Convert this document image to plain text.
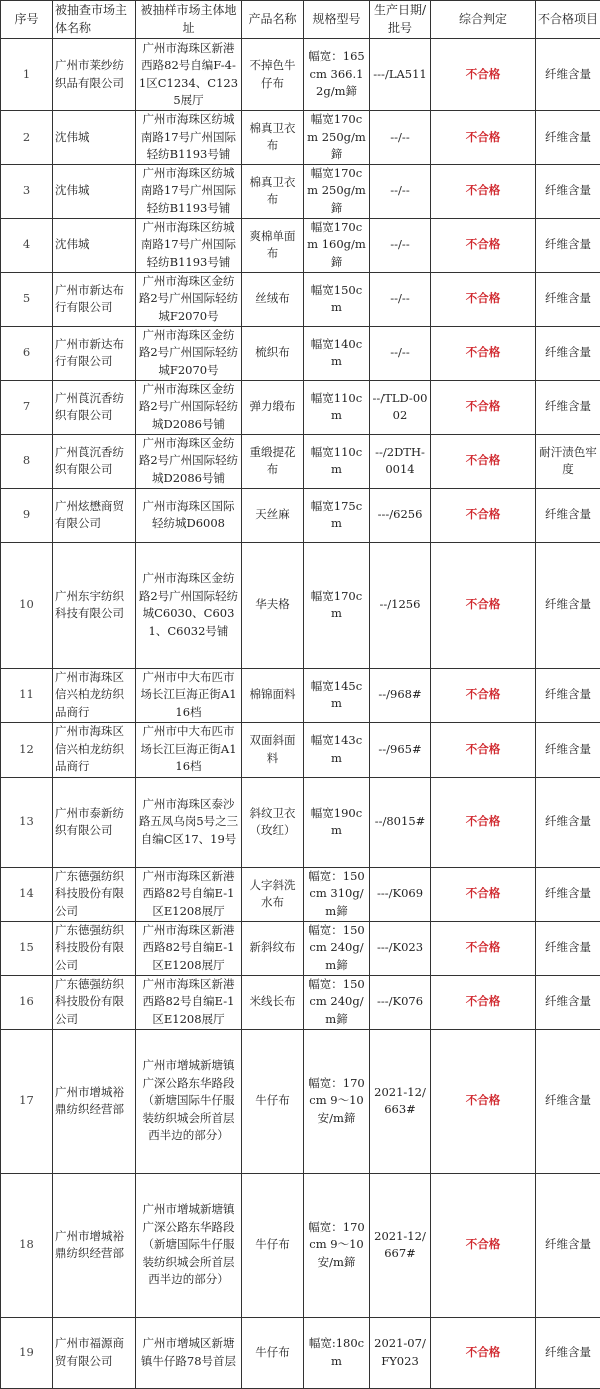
序号	被抽查市场主体名称	被抽样市场主体地址	产品名称	规格型号	生产日期/批号	综合判定	不合格项目
1	广州市莱纱纺织品有限公司	广州市海珠区新港西路82号自编F-4-1区C1234、C1235展厅	不掉色牛仔布	幅宽：165cm 366.12g/m鍗	---/LA511	不合格	纤维含量
2	沈伟城	广州市海珠区纺城南路17号广州国际轻纺B1193号铺	棉真卫衣布	幅宽170cm 250g/m鍗	--/--	不合格	纤维含量
3	沈伟城	广州市海珠区纺城南路17号广州国际轻纺B1193号铺	棉真卫衣布	幅宽170cm 250g/m鍗	--/--	不合格	纤维含量
4	沈伟城	广州市海珠区纺城南路17号广州国际轻纺B1193号铺	爽棉单面布	幅宽170cm 160g/m鍗	--/--	不合格	纤维含量
5	广州市新达布行有限公司	广州市海珠区金纺路2号广州国际轻纺城F2070号	丝绒布	幅宽150cm	--/--	不合格	纤维含量
6	广州市新达布行有限公司	广州市海珠区金纺路2号广州国际轻纺城F2070号	梳织布	幅宽140cm	--/--	不合格	纤维含量
7	广州莨沉香纺织有限公司	广州市海珠区金纺路2号广州国际轻纺城D2086号铺	弹力缎布	幅宽110cm	--/TLD-0002	不合格	纤维含量
8	广州莨沉香纺织有限公司	广州市海珠区金纺路2号广州国际轻纺城D2086号铺	重缎提花布	幅宽110cm	--/2DTH-0014	不合格	耐汗渍色牢度
9	广州炫懋商贸有限公司	广州市海珠区国际轻纺城D6008	天丝麻	幅宽175cm	---/6256	不合格	纤维含量
10	广州东宇纺织科技有限公司	广州市海珠区金纺路2号广州国际轻纺城C6030、C6031、C6032号铺	华夫格	幅宽170cm	--/1256	不合格	纤维含量
11	广州市海珠区信兴柏龙纺织品商行	广州市中大布匹市场长江巨海正街A116档	棉锦面料	幅宽145cm	--/968#	不合格	纤维含量
12	广州市海珠区信兴柏龙纺织品商行	广州市中大布匹市场长江巨海正街A116档	双面斜面料	幅宽143cm	--/965#	不合格	纤维含量
13	广州市泰新纺织有限公司	广州市海珠区泰沙路五凤乌岗5号之三自编C区17、19号	斜纹卫衣（玫红）	幅宽190cm	--/8015#	不合格	纤维含量
14	广东德强纺织科技股份有限公司	广州市海珠区新港西路82号自编E-1区E1208展厅	人字斜洗水布	幅宽：150cm 310g/m鍗	---/K069	不合格	纤维含量
15	广东德强纺织科技股份有限公司	广州市海珠区新港西路82号自编E-1区E1208展厅	新斜纹布	幅宽：150cm 240g/m鍗	---/K023	不合格	纤维含量
16	广东德强纺织科技股份有限公司	广州市海珠区新港西路82号自编E-1区E1208展厅	米线长布	幅宽：150cm 240g/m鍗	---/K076	不合格	纤维含量
17	广州市增城裕鼎纺织经营部	广州市增城新塘镇广深公路东华路段（新塘国际牛仔服装纺织城会所首层西半边的部分）	牛仔布	幅宽：170cm 9～10安/m鍗	2021-12/663#	不合格	纤维含量
18	广州市增城裕鼎纺织经营部	广州市增城新塘镇广深公路东华路段（新塘国际牛仔服装纺织城会所首层西半边的部分）	牛仔布	幅宽：170cm 9～10安/m鍗	2021-12/667#	不合格	纤维含量
19	广州市福源商贸有限公司	广州市增城区新塘镇牛仔路78号首层	牛仔布	幅宽:180cm	2021-07/FY023	不合格	纤维含量
